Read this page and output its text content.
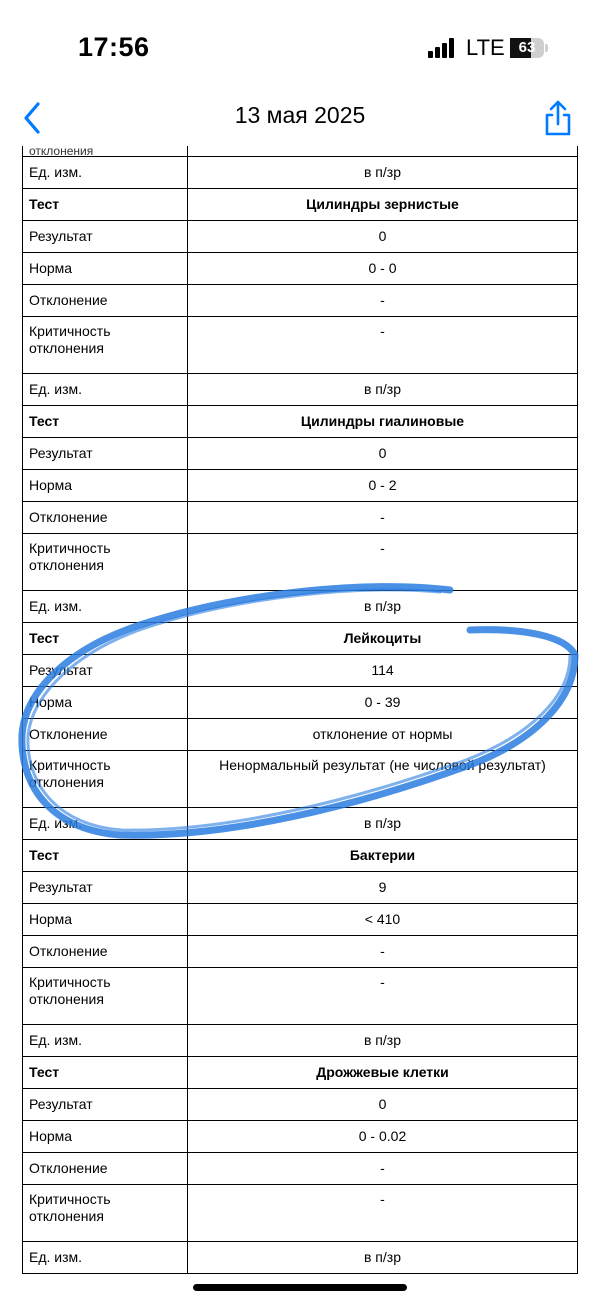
17:56	LTE 63
13 мая 2025
отклонения	
Ед. изм.	в п/зр
Тест	Цилиндры зернистые
Результат	0
Норма	0 - 0
Отклонение	-
Критичность отклонения	-
Ед. изм.	в п/зр
Тест	Цилиндры гиалиновые
Результат	0
Норма	0 - 2
Отклонение	-
Критичность отклонения	-
Ед. изм.	в п/зр
Тест	Лейкоциты
Результат	114
Норма	0 - 39
Отклонение	отклонение от нормы
Критичность отклонения	Ненормальный результат (не числовой результат)
Ед. изм.	в п/зр
Тест	Бактерии
Результат	9
Норма	< 410
Отклонение	-
Критичность отклонения	-
Ед. изм.	в п/зр
Тест	Дрожжевые клетки
Результат	0
Норма	0 - 0.02
Отклонение	-
Критичность отклонения	-
Ед. изм.	в п/зр
